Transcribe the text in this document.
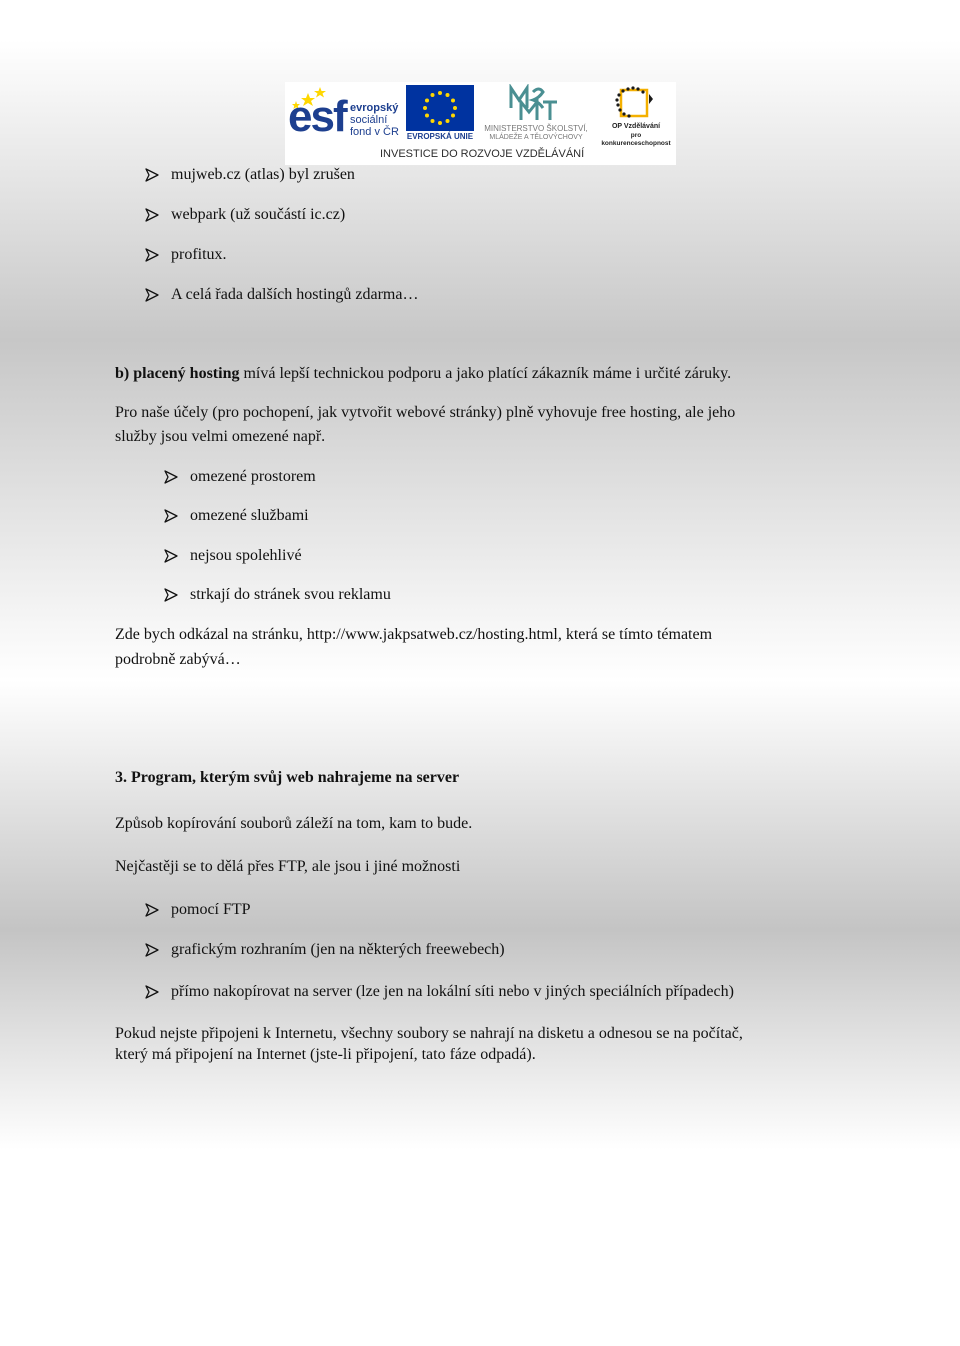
esf evropský
sociální
fond v ČR EVROPSKÁ UNIE
MINISTERSTVO ŠKOLSTVÍ,
MLÁDEŽE A TĚLOVÝCHOVY
OP Vzdělávání
pro konkurenceschopnost
INVESTICE DO ROZVOJE VZDĚLÁVÁNÍ
mujweb.cz (atlas) byl zrušen
webpark (už součástí ic.cz)
profitux.
A celá řada dalších hostingů zdarma…
b) placený hosting mívá lepší technickou podporu a jako platící zákazník máme i určité záruky.
Pro naše účely (pro pochopení, jak vytvořit webové stránky) plně vyhovuje free hosting, ale jeho
služby jsou velmi omezené např.
omezené prostorem
omezené službami
nejsou spolehlivé
strkají do stránek svou reklamu
Zde bych odkázal na stránku, http://www.jakpsatweb.cz/hosting.html, která se tímto tématem
podrobně zabývá…
3. Program, kterým svůj web nahrajeme na server
Způsob kopírování souborů záleží na tom, kam to bude.
Nejčastěji se to dělá přes FTP, ale jsou i jiné možnosti
pomocí FTP
grafickým rozhraním (jen na některých freewebech)
přímo nakopírovat na server (lze jen na lokální síti nebo v jiných speciálních případech)
Pokud nejste připojeni k Internetu, všechny soubory se nahrají na disketu a odnesou se na počítač,
který má připojení na Internet (jste-li připojení, tato fáze odpadá).
